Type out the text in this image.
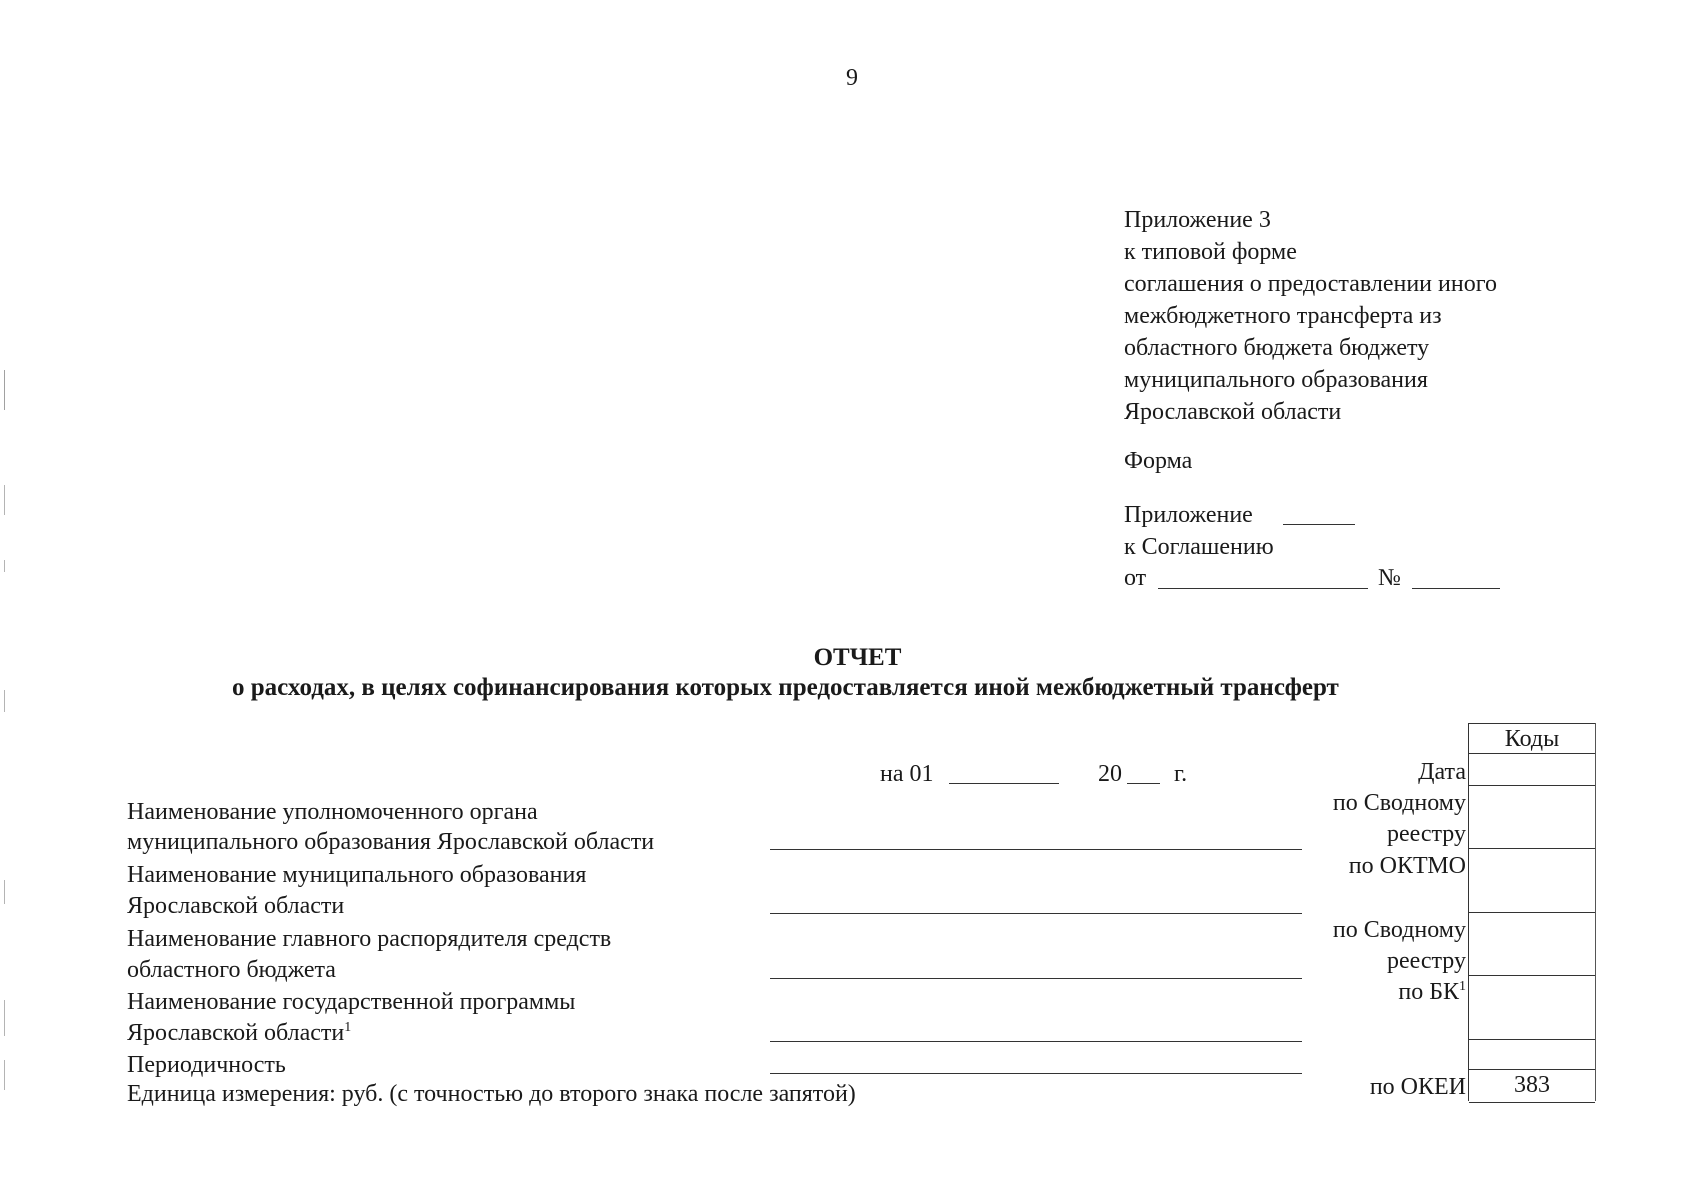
9
Приложение 3
к типовой форме
соглашения о предоставлении иного
межбюджетного трансферта из
областного бюджета бюджету
муниципального образования
Ярославской области
Форма
Приложение
к Соглашению
от	№
ОТЧЕТ
о расходах, в целях софинансирования которых предоставляется иной межбюджетный трансферт
на 01	20 г.
Наименование уполномоченного органа
муниципального образования Ярославской области
Наименование муниципального образования
Ярославской области
Наименование главного распорядителя средств
областного бюджета
Наименование государственной программы
Ярославской области$^1$
Периодичность
Единица измерения: руб. (с точностью до второго знака после запятой)
Дата
по Сводному
реестру
по ОКТМО
по Сводному
реестру
по $БК^1$
по ОКЕИ
Коды
383
